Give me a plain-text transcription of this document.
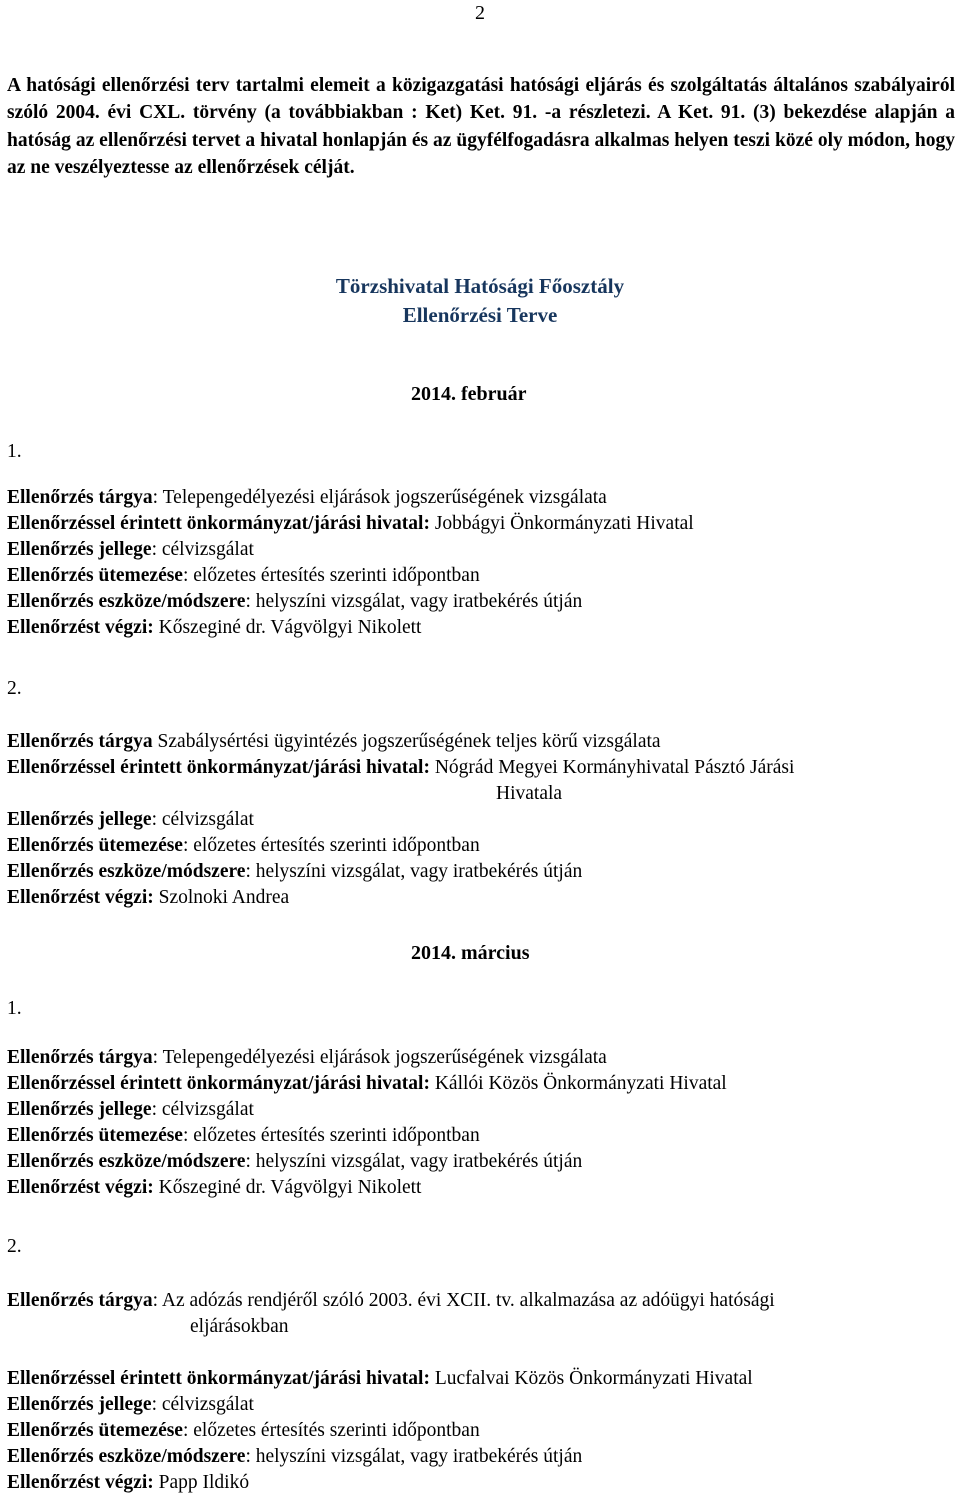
2

A hatósági ellenőrzési terv tartalmi elemeit a közigazgatási hatósági eljárás és szolgáltatás általános szabályairól szóló 2004. évi CXL. törvény (a továbbiakban : Ket) Ket. 91. -a részletezi. A Ket. 91. (3) bekezdése alapján a hatóság az ellenőrzési tervet a hivatal honlapján és az ügyfélfogadásra alkalmas helyen teszi közé oly módon, hogy az ne veszélyeztesse az ellenőrzések célját.

Törzshivatal Hatósági Főosztály
Ellenőrzési Terve
2014. február
1.
Ellenőrzés tárgya: Telepengedélyezési eljárások jogszerűségének vizsgálata
Ellenőrzéssel érintett önkormányzat/járási hivatal: Jobbágyi Önkormányzati Hivatal
Ellenőrzés jellege: célvizsgálat
Ellenőrzés ütemezése: előzetes értesítés szerinti időpontban
Ellenőrzés eszköze/módszere: helyszíni vizsgálat, vagy iratbekérés útján
Ellenőrzést végzi: Kőszeginé dr. Vágvölgyi Nikolett
2.
Ellenőrzés tárgya Szabálysértési ügyintézés jogszerűségének teljes körű vizsgálata
Ellenőrzéssel érintett önkormányzat/járási hivatal: Nógrád Megyei Kormányhivatal Pásztó Járási
Hivatala
Ellenőrzés jellege: célvizsgálat
Ellenőrzés ütemezése: előzetes értesítés szerinti időpontban
Ellenőrzés eszköze/módszere: helyszíni vizsgálat, vagy iratbekérés útján
Ellenőrzést végzi: Szolnoki Andrea
2014. március
1.
Ellenőrzés tárgya: Telepengedélyezési eljárások jogszerűségének vizsgálata
Ellenőrzéssel érintett önkormányzat/járási hivatal: Kállói Közös Önkormányzati Hivatal
Ellenőrzés jellege: célvizsgálat
Ellenőrzés ütemezése: előzetes értesítés szerinti időpontban
Ellenőrzés eszköze/módszere: helyszíni vizsgálat, vagy iratbekérés útján
Ellenőrzést végzi: Kőszeginé dr. Vágvölgyi Nikolett
2.
Ellenőrzés tárgya: Az adózás rendjéről szóló 2003. évi XCII. tv. alkalmazása az adóügyi hatósági
eljárásokban
Ellenőrzéssel érintett önkormányzat/járási hivatal: Lucfalvai Közös Önkormányzati Hivatal
Ellenőrzés jellege: célvizsgálat
Ellenőrzés ütemezése: előzetes értesítés szerinti időpontban
Ellenőrzés eszköze/módszere: helyszíni vizsgálat, vagy iratbekérés útján
Ellenőrzést végzi: Papp Ildikó
